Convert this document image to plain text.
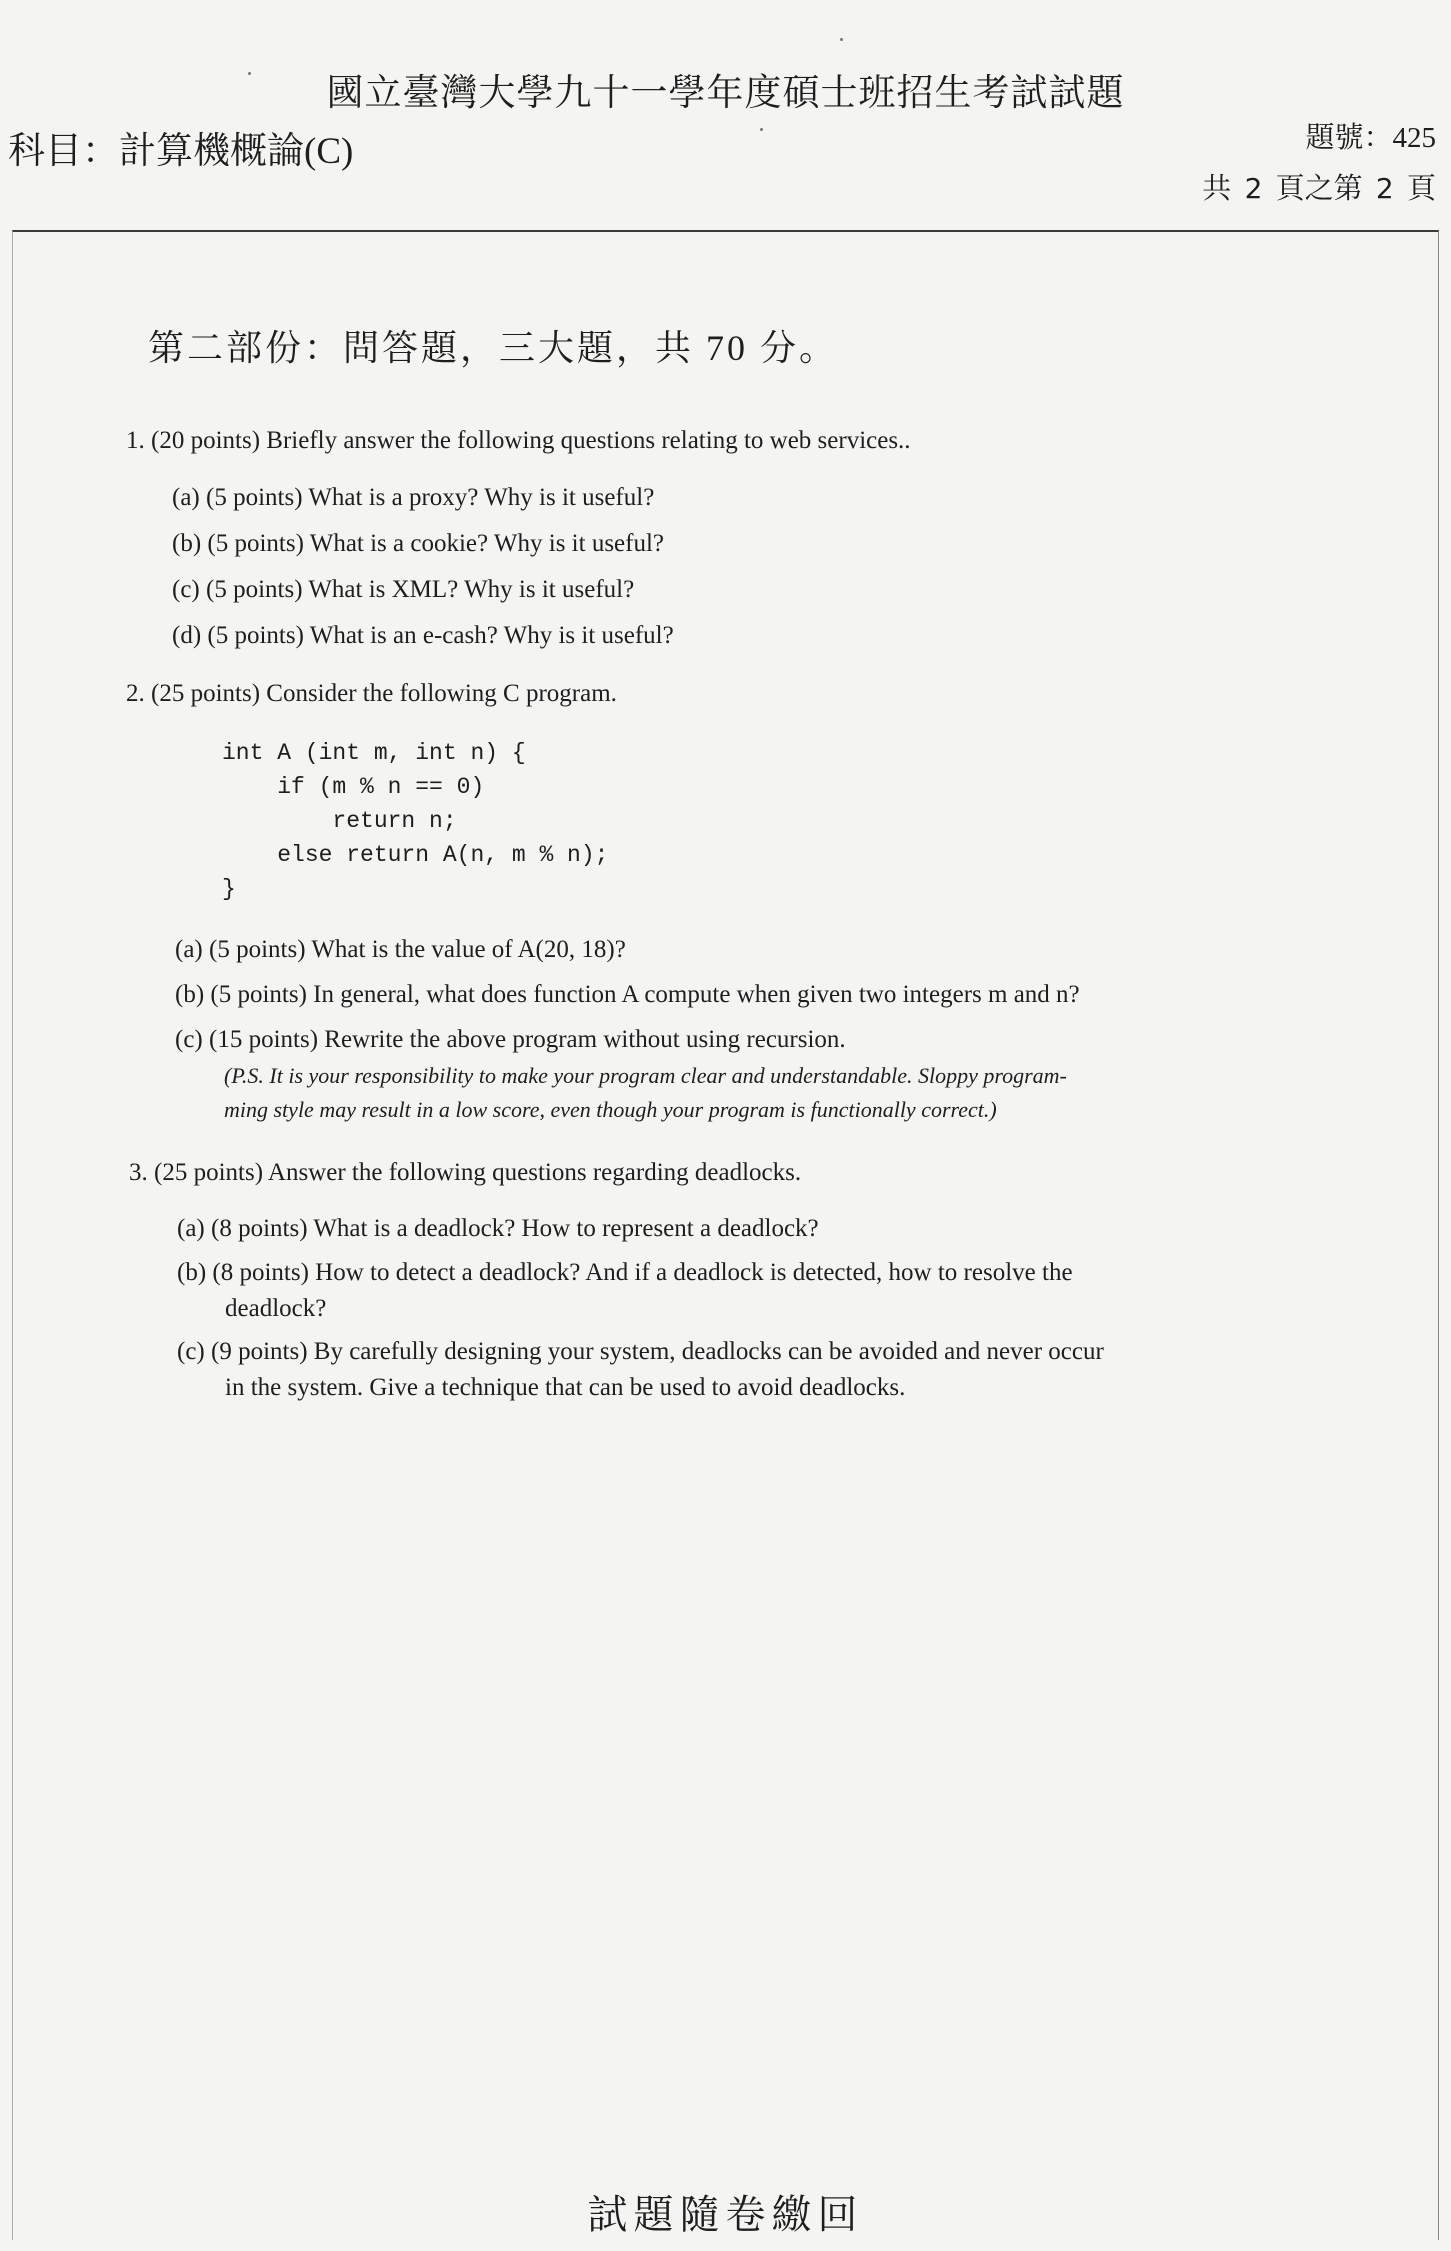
國立臺灣大學九十一學年度碩士班招生考試試題
科目：計算機概論(C)	題號：425
共 2 頁之第 2 頁
第二部份：問答題，三大題，共 70 分。
1. (20 points) Briefly answer the following questions relating to web services..
(a) (5 points) What is a proxy? Why is it useful?
(b) (5 points) What is a cookie? Why is it useful?
(c) (5 points) What is XML? Why is it useful?
(d) (5 points) What is an e-cash? Why is it useful?
2. (25 points) Consider the following C program.
int A (int m, int n) {
if (m % n == 0)
return n;
else return A(n, m % n);
}
(a) (5 points) What is the value of A(20, 18)?
(b) (5 points) In general, what does function A compute when given two integers m and n?
(c) (15 points) Rewrite the above program without using recursion.
(P.S. It is your responsibility to make your program clear and understandable. Sloppy program-
ming style may result in a low score, even though your program is functionally correct.)
3. (25 points) Answer the following questions regarding deadlocks.
(a) (8 points) What is a deadlock? How to represent a deadlock?
(b) (8 points) How to detect a deadlock? And if a deadlock is detected, how to resolve the
deadlock?
(c) (9 points) By carefully designing your system, deadlocks can be avoided and never occur
in the system. Give a technique that can be used to avoid deadlocks.
試題隨卷繳回
